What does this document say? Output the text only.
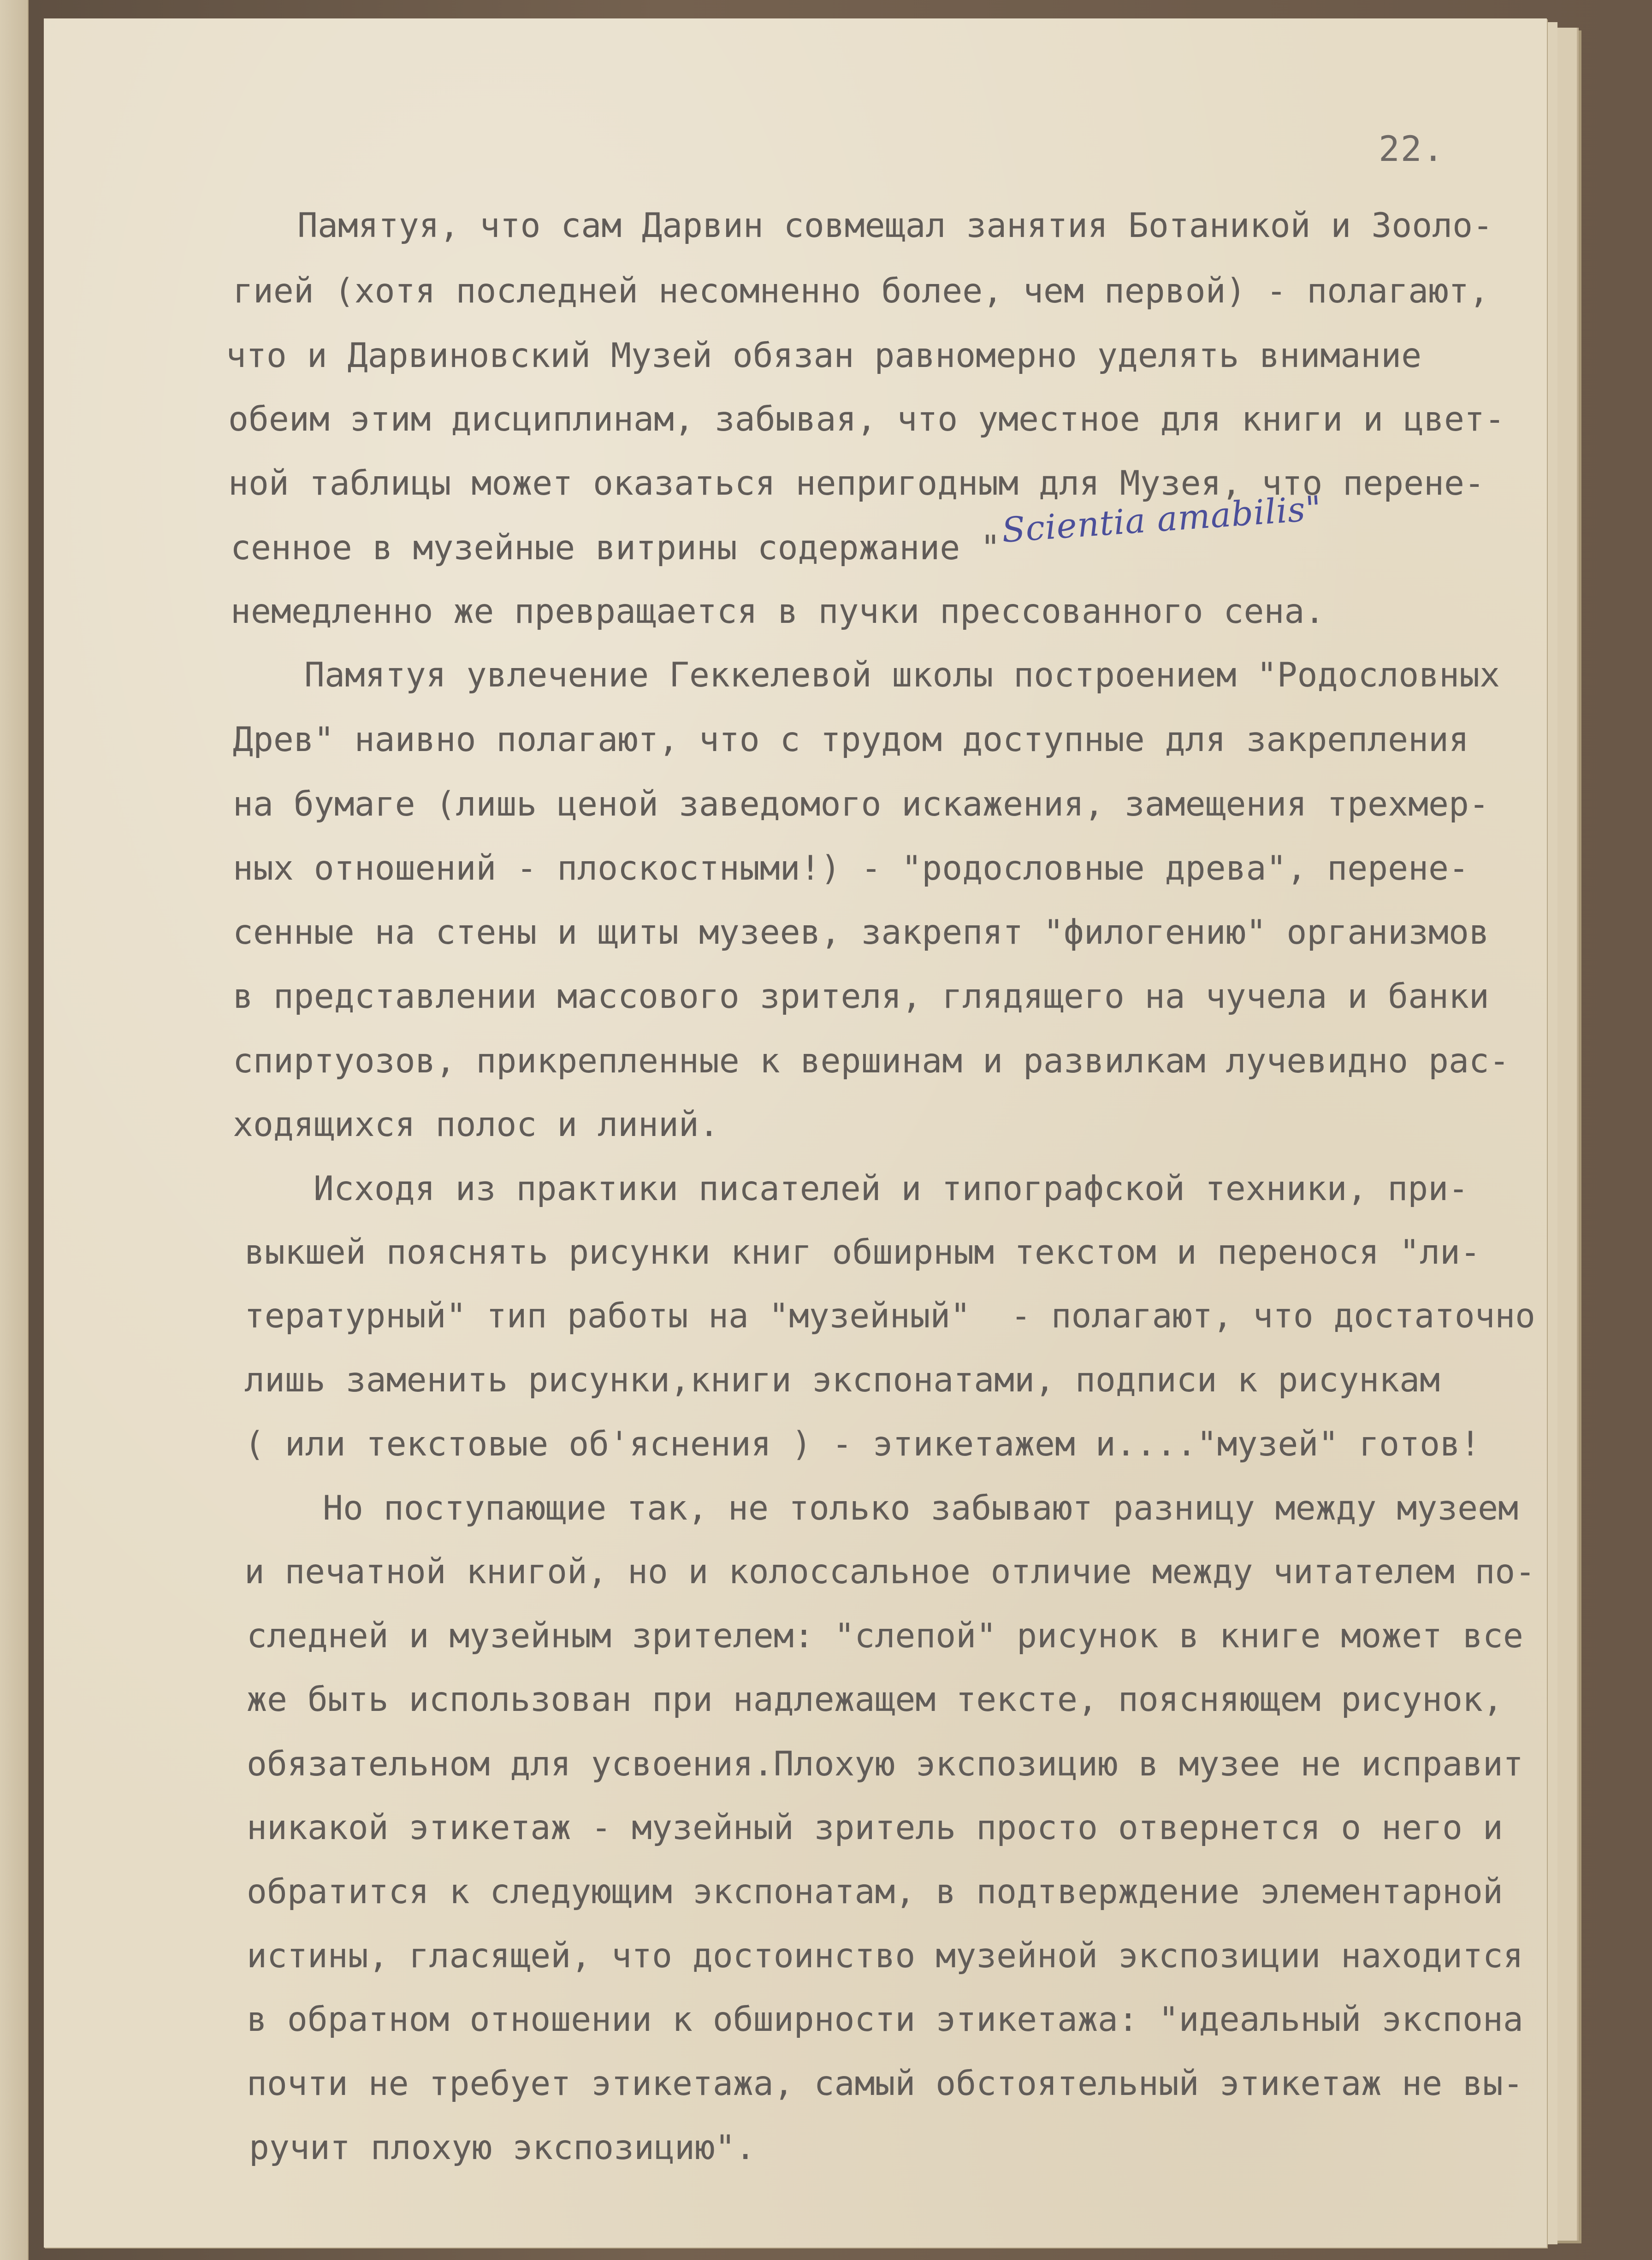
22.
Памятуя, что сам Дарвин совмещал занятия Ботаникой и Зооло-
гией (хотя последней несомненно более, чем первой) - полагают,
что и Дарвиновский Музей обязан равномерно уделять внимание
обеим этим дисциплинам, забывая, что уместное для книги и цвет-
ной таблицы может оказаться непригодным для Музея, что перене-
сенное в музейные витрины содержание "
немедленно же превращается в пучки прессованного сена.
Памятуя увлечение Геккелевой школы построением "Родословных
Древ" наивно полагают, что с трудом доступные для закрепления
на бумаге (лишь ценой заведомого искажения, замещения трехмер-
ных отношений - плоскостными!) - "родословные древа", перене-
сенные на стены и щиты музеев, закрепят "филогению" организмов
в представлении массового зрителя, глядящего на чучела и банки
спиртуозов, прикрепленные к вершинам и развилкам лучевидно рас-
ходящихся полос и линий.
Исходя из практики писателей и типографской техники, при-
выкшей пояснять рисунки книг обширным текстом и перенося "ли-
тературный" тип работы на "музейный"  - полагают, что достаточно
лишь заменить рисунки,книги экспонатами, подписи к рисункам
( или текстовые об'яснения ) - этикетажем и...."музей" готов!
Но поступающие так, не только забывают разницу между музеем
и печатной книгой, но и колоссальное отличие между читателем по-
следней и музейным зрителем: "слепой" рисунок в книге может все
же быть использован при надлежащем тексте, поясняющем рисунок,
обязательном для усвоения.Плохую экспозицию в музее не исправит
никакой этикетаж - музейный зритель просто отвернется о него и
обратится к следующим экспонатам, в подтверждение элементарной
истины, гласящей, что достоинство музейной экспозиции находится
в обратном отношении к обширности этикетажа: "идеальный экспона
почти не требует этикетажа, самый обстоятельный этикетаж не вы-
ручит плохую экспозицию".
Scientia amabilis"
